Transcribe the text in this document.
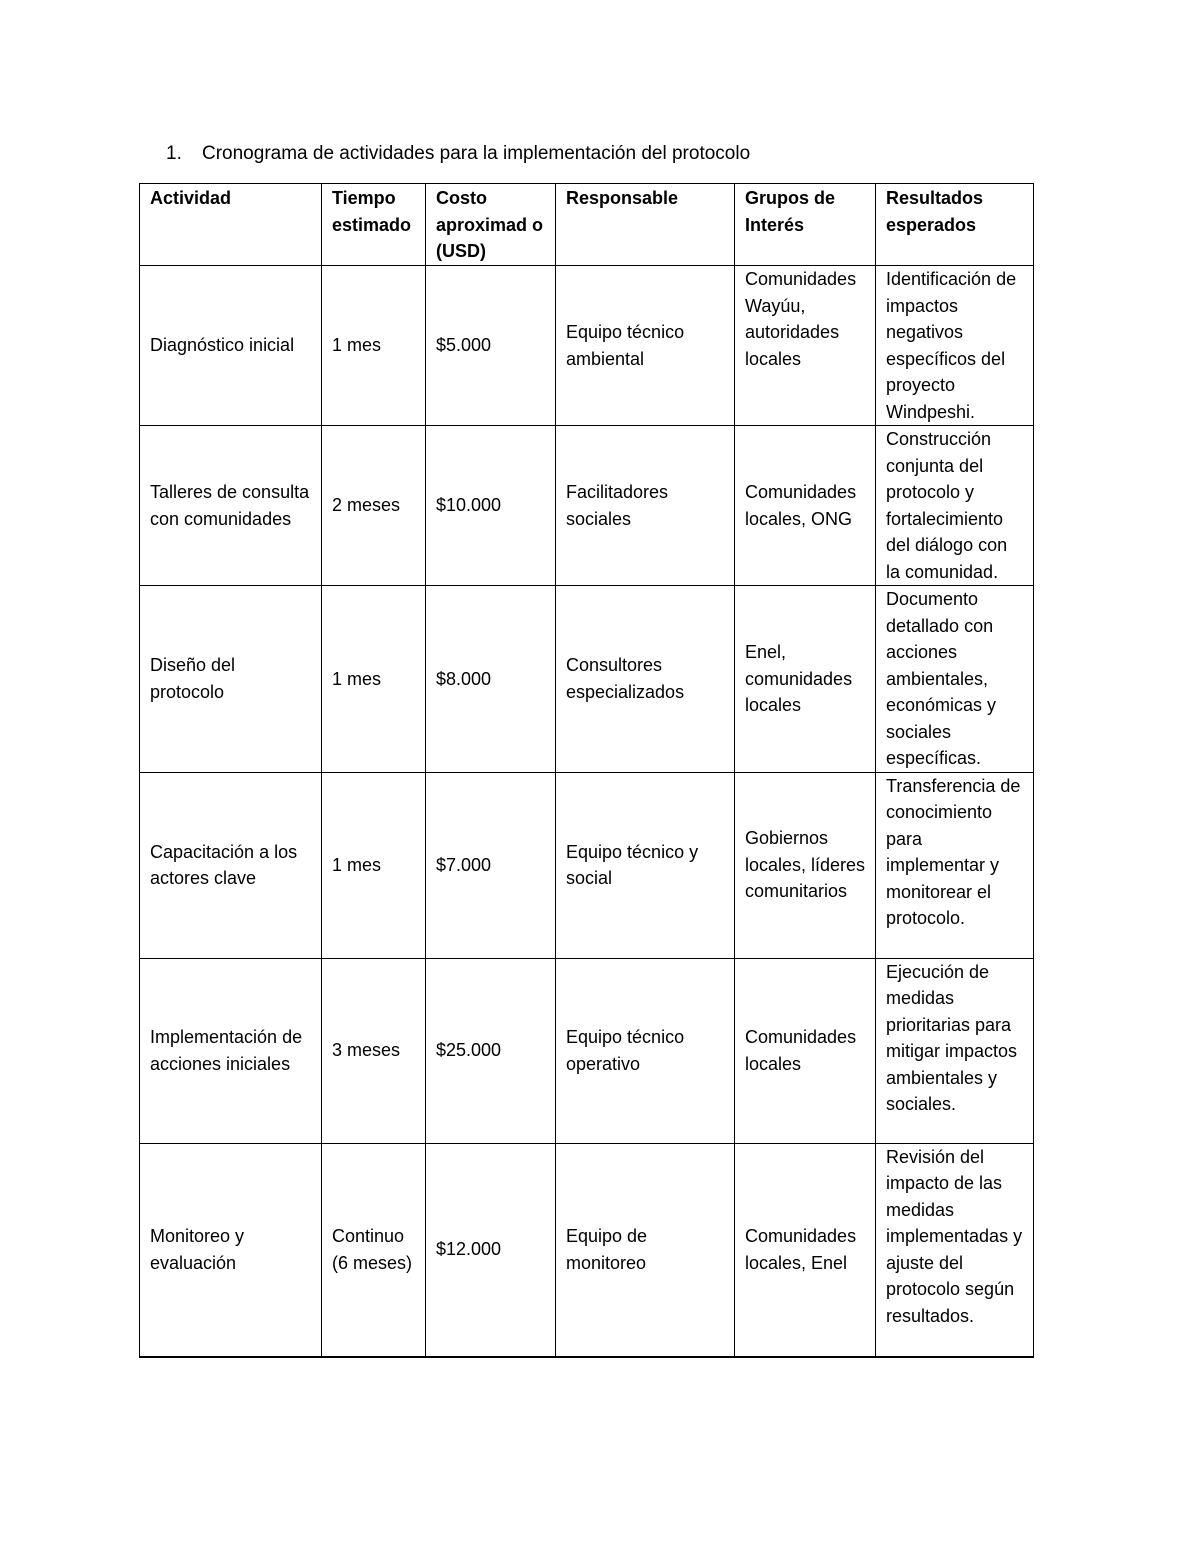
1. Cronograma de actividades para la implementación del protocolo
Actividad	Tiempo estimado	Costo aproximad o (USD)	Responsable	Grupos de Interés	Resultados esperados
Diagnóstico inicial	1 mes	$5.000	Equipo técnico ambiental	Comunidades Wayúu, autoridades locales	Identificación de impactos negativos específicos del proyecto Windpeshi.
Talleres de consulta con comunidades	2 meses	$10.000	Facilitadores sociales	Comunidades locales, ONG	Construcción conjunta del protocolo y fortalecimiento del diálogo con la comunidad.
Diseño del protocolo	1 mes	$8.000	Consultores especializados	Enel, comunidades locales	Documento detallado con acciones ambientales, económicas y sociales específicas.
Capacitación a los actores clave	1 mes	$7.000	Equipo técnico y social	Gobiernos locales, líderes comunitarios	Transferencia de conocimiento para implementar y monitorear el protocolo.
Implementación de acciones iniciales	3 meses	$25.000	Equipo técnico operativo	Comunidades locales	Ejecución de medidas prioritarias para mitigar impactos ambientales y sociales.
Monitoreo y evaluación	Continuo (6 meses)	$12.000	Equipo de monitoreo	Comunidades locales, Enel	Revisión del impacto de las medidas implementadas y ajuste del protocolo según resultados.
